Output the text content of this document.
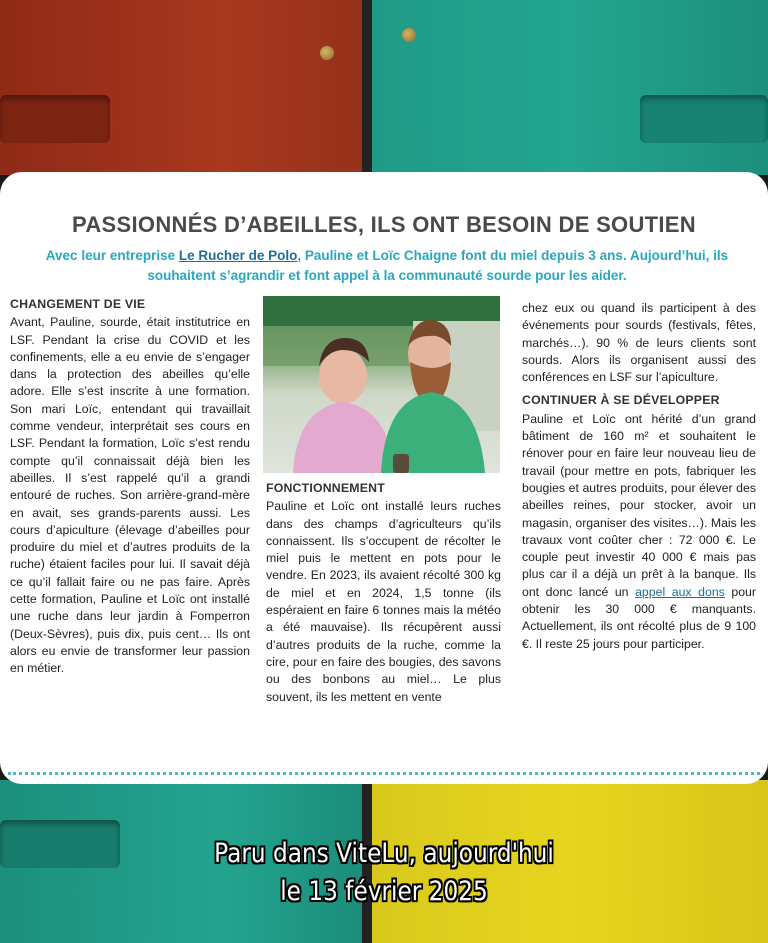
PASSIONNÉS D’ABEILLES, ILS ONT BESOIN DE SOUTIEN
Avec leur entreprise Le Rucher de Polo, Pauline et Loïc Chaigne font du miel depuis 3 ans. Aujourd’hui, ils souhaitent s’agrandir et font appel à la communauté sourde pour les aider.
CHANGEMENT DE VIE

Avant, Pauline, sourde, était institutrice en LSF. Pendant la crise du COVID et les confinements, elle a eu envie de s’engager dans la protection des abeilles qu’elle adore. Elle s’est inscrite à une formation. Son mari Loïc, entendant qui travaillait comme vendeur, interprétait ses cours en LSF. Pendant la formation, Loïc s’est rendu compte qu’il connaissait déjà bien les abeilles. Il s’est rappelé qu’il a grandi entouré de ruches. Son arrière-grand-mère en avait, ses grands-parents aussi. Les cours d’apiculture (élevage d’abeilles pour produire du miel et d’autres produits de la ruche) étaient faciles pour lui. Il savait déjà ce qu’il fallait faire ou ne pas faire. Après cette formation, Pauline et Loïc ont installé une ruche dans leur jardin à Fomperron (Deux-Sèvres), puis dix, puis cent… Ils ont alors eu envie de transformer leur passion en métier.

FONCTIONNEMENT

Pauline et Loïc ont installé leurs ruches dans des champs d’agriculteurs qu’ils connaissent. Ils s’occupent de récolter le miel puis le mettent en pots pour le vendre. En 2023, ils avaient récolté 300 kg de miel et en 2024, 1,5 tonne (ils espéraient en faire 6 tonnes mais la météo a été mauvaise). Ils récupèrent aussi d’autres produits de la ruche, comme la cire, pour en faire des bougies, des savons ou des bonbons au miel… Le plus souvent, ils les mettent en vente

chez eux ou quand ils participent à des événements pour sourds (festivals, fêtes, marchés…). 90 % de leurs clients sont sourds. Alors ils organisent aussi des conférences en LSF sur l’apiculture.

CONTINUER À SE DÉVELOPPER

Pauline et Loïc ont hérité d’un grand bâtiment de 160 m² et souhaitent le rénover pour en faire leur nouveau lieu de travail (pour mettre en pots, fabriquer les bougies et autres produits, pour élever des abeilles reines, pour stocker, avoir un magasin, organiser des visites…). Mais les travaux vont coûter cher : 72 000 €. Le couple peut investir 40 000 € mais pas plus car il a déjà un prêt à la banque. Ils ont donc lancé un appel aux dons pour obtenir les 30 000 € manquants. Actuellement, ils ont récolté plus de 9 100 €. Il reste 25 jours pour participer.

Paru dans ViteLu, aujourd'hui
le 13 février 2025
